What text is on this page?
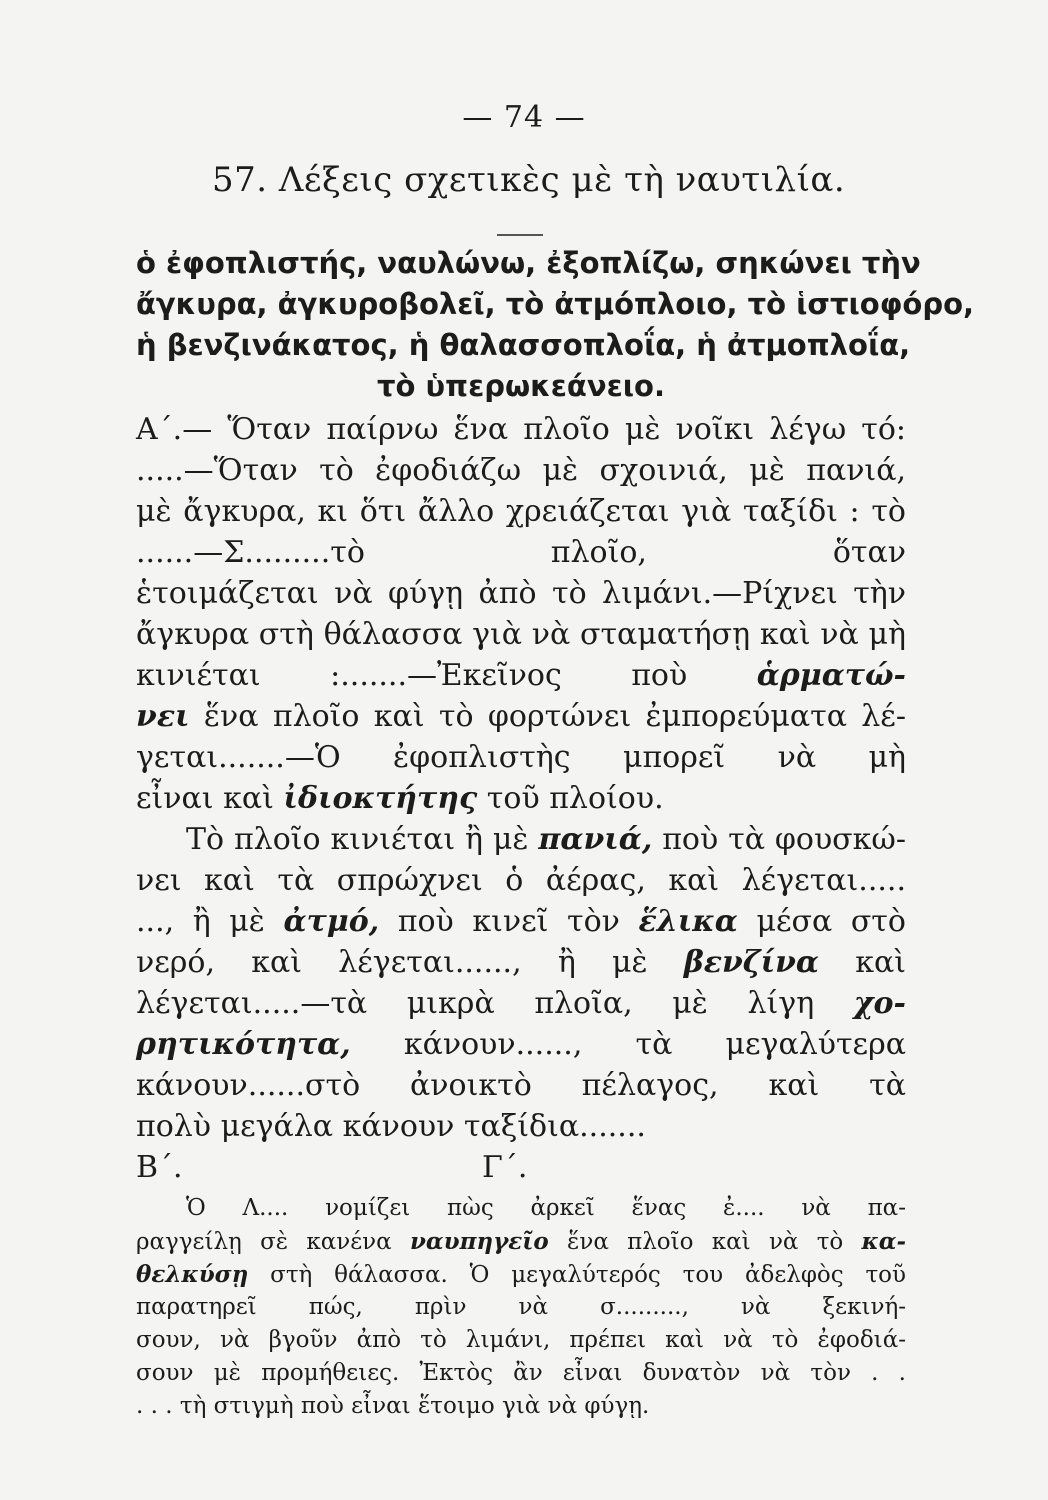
— 74 —
57. Λέξεις σχετικὲς μὲ τὴ ναυτιλία.
ὁ ἐφοπλιστής, ναυλώνω, ἐξοπλίζω, σηκώνει τὴν
ἄγκυρα, ἀγκυροβολεῖ, τὸ ἀτμόπλοιο, τὸ ἱστιοφόρο,
ἡ βενζινάκατος, ἡ θαλασσοπλοΐα, ἡ ἀτμοπλοΐα,
τὸ ὑπερωκεάνειο.
Α΄.— Ὅταν παίρνω ἕνα πλοῖο μὲ νοῖκι λέγω τό:
.....—Ὅταν τὸ ἐφοδιάζω μὲ σχοινιά, μὲ πανιά,
μὲ ἄγκυρα, κι ὅτι ἄλλο χρειάζεται γιὰ ταξίδι : τὸ
......—Σ.........τὸ πλοῖο, ὅταν
ἑτοιμάζεται νὰ φύγῃ ἀπὸ τὸ λιμάνι.—Ρίχνει τὴν
ἄγκυρα στὴ θάλασσα γιὰ νὰ σταματήσῃ καὶ νὰ μὴ
κινιέται :.......—Ἐκεῖνος ποὺ ἁρματώ-
νει ἕνα πλοῖο καὶ τὸ φορτώνει ἐμπορεύματα λέ-
γεται.......—Ὁ ἐφοπλιστὴς μπορεῖ νὰ μὴ
εἶναι καὶ ἰδιοκτήτης τοῦ πλοίου.
Τὸ πλοῖο κινιέται ἢ μὲ πανιά, ποὺ τὰ φουσκώ-
νει καὶ τὰ σπρώχνει ὁ ἀέρας, καὶ λέγεται.....
..., ἢ μὲ ἀτμό, ποὺ κινεῖ τὸν ἕλικα μέσα στὸ
νερό, καὶ λέγεται......, ἢ μὲ βενζίνα καὶ
λέγεται.....—τὰ μικρὰ πλοῖα, μὲ λίγη χο-
ρητικότητα, κάνουν......, τὰ μεγαλύτερα
κάνουν......στὸ ἀνοικτὸ πέλαγος, καὶ τὰ
πολὺ μεγάλα κάνουν ταξίδια.......
Β΄.	Γ΄.
Ὁ Λ.... νομίζει πὼς ἀρκεῖ ἕνας ἐ.... νὰ πα-
ραγγείλῃ σὲ κανένα ναυπηγεῖο ἕνα πλοῖο καὶ νὰ τὸ κα-
θελκύσῃ στὴ θάλασσα. Ὁ μεγαλύτερός του ἀδελφὸς τοῦ
παρατηρεῖ πώς, πρὶν νὰ σ........., νὰ ξεκινή-
σουν, νὰ βγοῦν ἀπὸ τὸ λιμάνι, πρέπει καὶ νὰ τὸ ἐφοδιά-
σουν μὲ προμήθειες. Ἐκτὸς ἂν εἶναι δυνατὸν νὰ τὸν . .
. . . τὴ στιγμὴ ποὺ εἶναι ἕτοιμο γιὰ νὰ φύγῃ.
